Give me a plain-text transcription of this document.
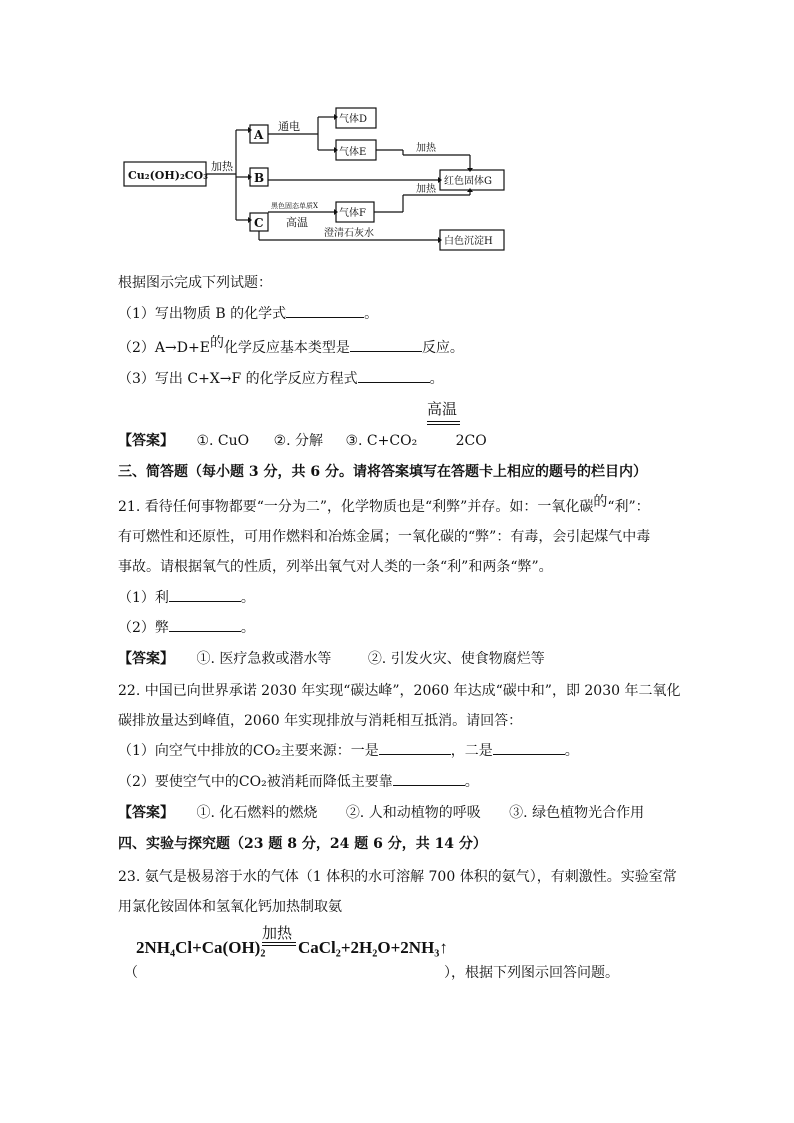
Cu₂(OH)₂CO₃
加热
A
B
C
通电
气体D
气体E	加热
加热
红色固体G
黑色固态单质X
高温
气体F
澄清石灰水
白色沉淀H
根据图示完成下列试题：
（1）写出物质 B 的化学式	。
（2）A→D+E的化学反应基本类型是	反应。
（3）写出 C+X→F 的化学反应方程式	。
高温
【答案】 ①. CuO ②. 分解 ③. C+CO₂	2CO
三、简答题（每小题 3 分，共 6 分。请将答案填写在答题卡上相应的题号的栏目内）
21. 看待任何事物都要“一分为二”，化学物质也是“利弊”并存。如：一氧化碳的“利”：
有可燃性和还原性，可用作燃料和冶炼金属；一氧化碳的“弊”：有毒，会引起煤气中毒
事故。请根据氧气的性质，列举出氧气对人类的一条“利”和两条“弊”。
（1）利	。
（2）弊	。
【答案】 ①. 医疗急救或潜水等	②. 引发火灾、使食物腐烂等
22. 中国已向世界承诺 2030 年实现“碳达峰”，2060 年达成“碳中和”，即 2030 年二氧化
碳排放量达到峰值，2060 年实现排放与消耗相互抵消。请回答：
（1）向空气中排放的CO₂主要来源：一是	，二是	。
（2）要使空气中的CO₂被消耗而降低主要靠	。
【答案】 ①. 化石燃料的燃烧 ②. 人和动植物的呼吸 ③. 绿色植物光合作用
四、实验与探究题（23 题 8 分，24 题 6 分，共 14 分）
23. 氨气是极易溶于水的气体（1 体积的水可溶解 700 体积的氨气），有刺激性。实验室常
用氯化铵固体和氢氧化钙加热制取氨
2NH₄Cl+Ca(OH)₂
加热
CaCl₂+2H₂O+2NH₃↑
（	），根据下列图示回答问题。
